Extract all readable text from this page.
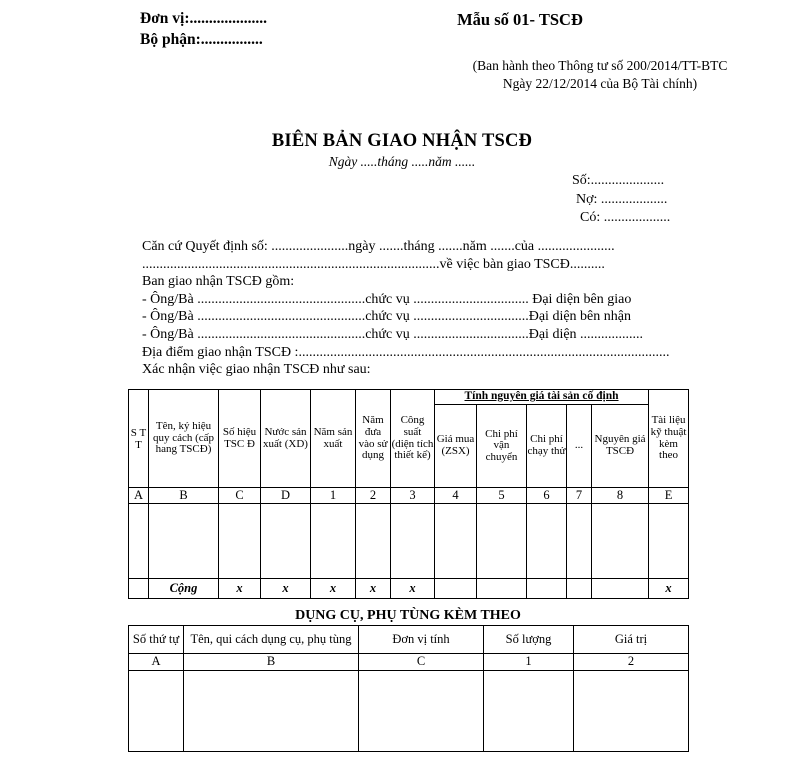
Đơn vị:....................
Bộ phận:................
Mẫu số 01- TSCĐ
(Ban hành theo Thông tư số 200/2014/TT-BTC
Ngày 22/12/2014 của Bộ Tài chính)
BIÊN BẢN GIAO NHẬN TSCĐ
Ngày .....tháng .....năm ......
Số:.....................
Nợ: ...................
Có: ...................
Căn cứ Quyết định số: ......................ngày .......tháng .......năm .......của ......................
.....................................................................................về việc bàn giao TSCĐ..........
Ban giao nhận TSCĐ gồm:
- Ông/Bà ................................................chức vụ ................................. Đại diện bên giao
- Ông/Bà ................................................chức vụ .................................Đại diện bên nhận
- Ông/Bà ................................................chức vụ .................................Đại diện ..................
Địa điểm giao nhận TSCĐ :..........................................................................................................
Xác nhận việc giao nhận TSCĐ như sau:
S T T	Tên, ký hiệu quy cách (cấp hang TSCĐ)	Số hiệu TSC Đ	Nước sản xuất (XD)	Năm sản xuất	Năm đưa vào sử dụng	Công suất (diện tích thiết kế)	Tính nguyên giá tài sản cố định					Tài liệu kỹ thuật kèm theo
							Giá mua (ZSX)	Chi phí vận chuyển	Chi phí chạy thử	...	Nguyên giá TSCĐ	
A	B	C	D	1	2	3	4	5	6	7	8	E

	Cộng	x	x	x	x	x						x
DỤNG CỤ, PHỤ TÙNG KÈM THEO
Số thứ tự	Tên, qui cách dụng cụ, phụ tùng	Đơn vị tính	Số lượng	Giá trị
A	B	C	1	2
